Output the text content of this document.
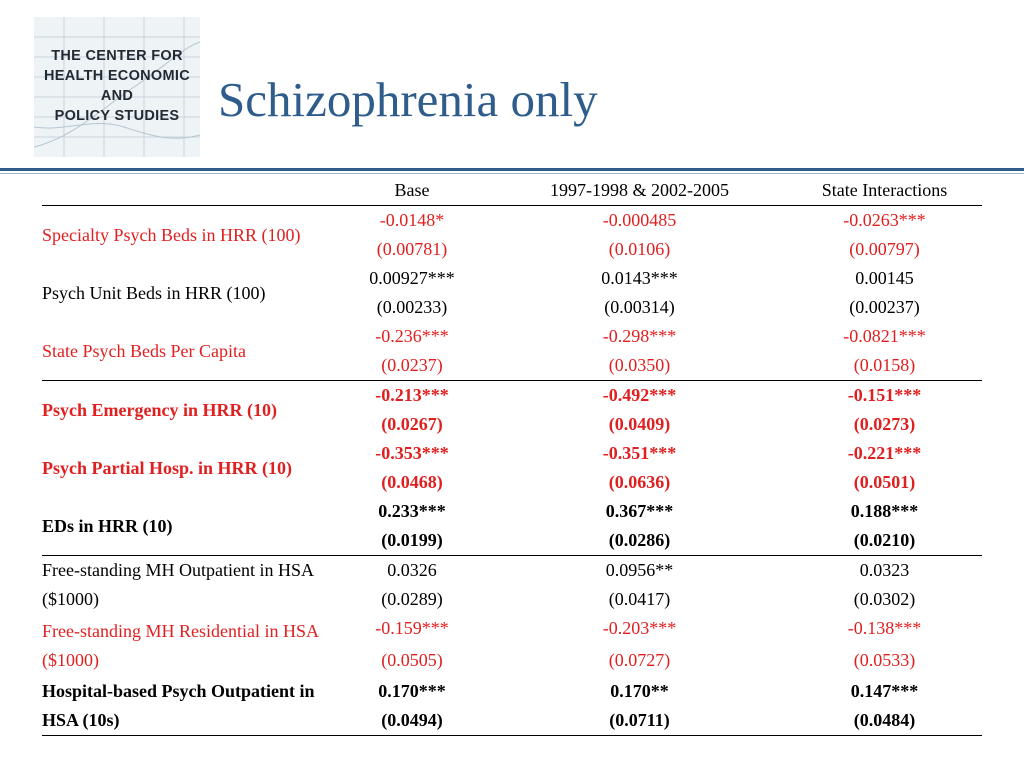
THE CENTER FOR
HEALTH ECONOMIC
AND
POLICY STUDIES Schizophrenia only
	Base	1997-1998 & 2002-2005	State Interactions
Specialty Psych Beds in HRR (100)	-0.0148*	-0.000485	-0.0263***
	(0.00781)	(0.0106)	(0.00797)
Psych Unit Beds in HRR (100)	0.00927***	0.0143***	0.00145
	(0.00233)	(0.00314)	(0.00237)
State Psych Beds Per Capita	-0.236***	-0.298***	-0.0821***
	(0.0237)	(0.0350)	(0.0158)
Psych Emergency in HRR (10)	-0.213***	-0.492***	-0.151***
	(0.0267)	(0.0409)	(0.0273)
Psych Partial Hosp. in HRR (10)	-0.353***	-0.351***	-0.221***
	(0.0468)	(0.0636)	(0.0501)
EDs in HRR (10)	0.233***	0.367***	0.188***
	(0.0199)	(0.0286)	(0.0210)
Free-standing MH Outpatient in HSA ($1000)	0.0326	0.0956**	0.0323
	(0.0289)	(0.0417)	(0.0302)
Free-standing MH Residential in HSA ($1000)	-0.159***	-0.203***	-0.138***
	(0.0505)	(0.0727)	(0.0533)
Hospital-based Psych Outpatient in HSA (10s)	0.170***	0.170**	0.147***
	(0.0494)	(0.0711)	(0.0484)
